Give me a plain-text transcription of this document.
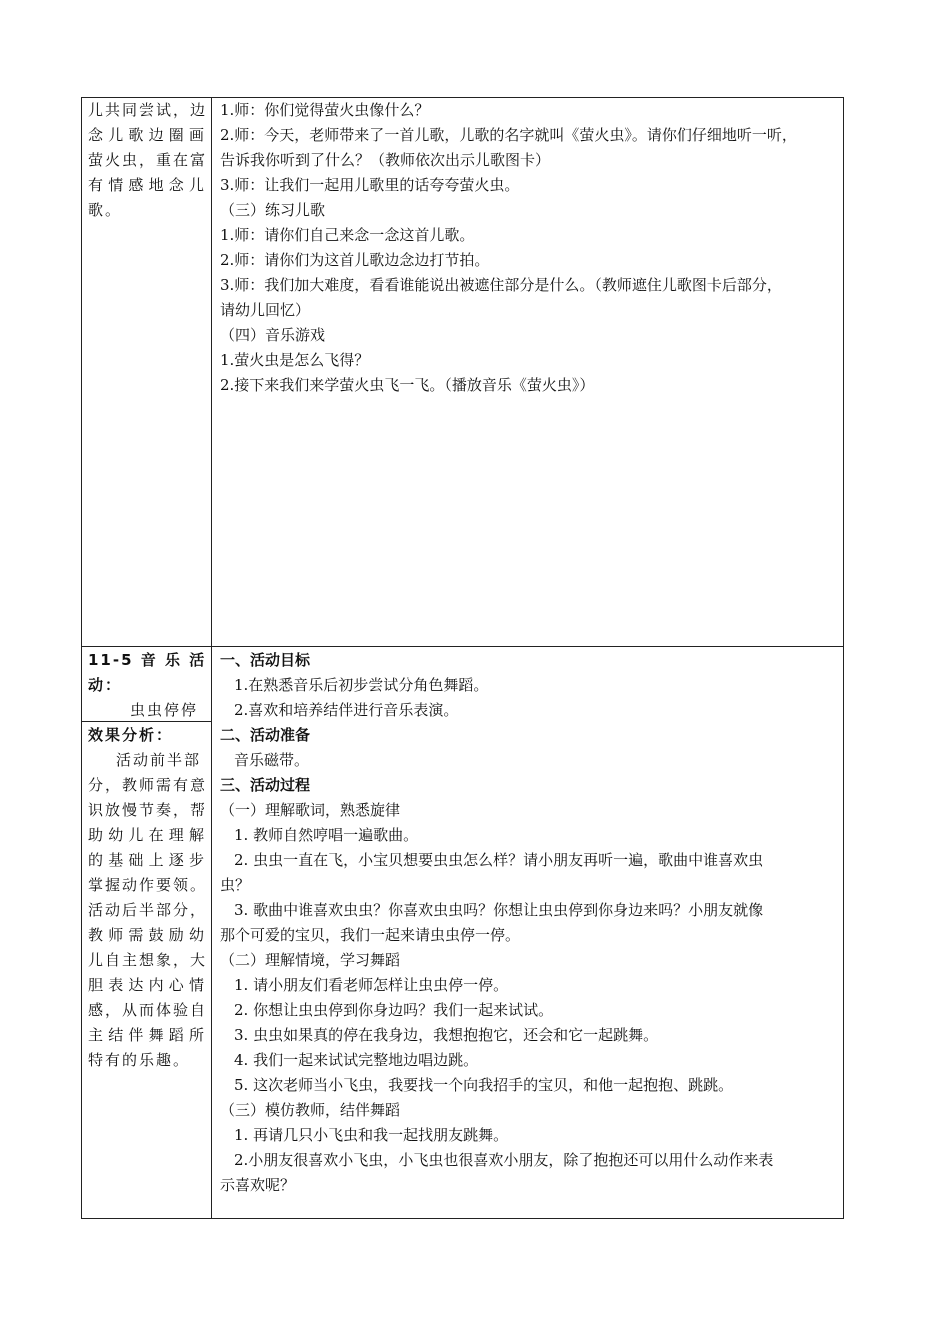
儿共同尝试，边
念儿歌边圈画
萤火虫，重在富
有情感地念儿
歌。
1.师：你们觉得萤火虫像什么？
2.师：今天，老师带来了一首儿歌，儿歌的名字就叫《萤火虫》。请你们仔细地听一听，
告诉我你听到了什么？（教师依次出示儿歌图卡）
3.师：让我们一起用儿歌里的话夸夸萤火虫。
（三）练习儿歌
1.师：请你们自己来念一念这首儿歌。
2.师：请你们为这首儿歌边念边打节拍。
3.师：我们加大难度，看看谁能说出被遮住部分是什么。（教师遮住儿歌图卡后部分，
请幼儿回忆）
（四）音乐游戏
1.萤火虫是怎么飞得？
2.接下来我们来学萤火虫飞一飞。（播放音乐《萤火虫》）
11-5 音 乐 活
动：
虫虫停停
效果分析：
活动前半部
分，教师需有意
识放慢节奏，帮
助幼儿在理解
的基础上逐步
掌握动作要领。
活动后半部分，
教师需鼓励幼
儿自主想象，大
胆表达内心情
感，从而体验自
主结伴舞蹈所
特有的乐趣。
一、活动目标
1.在熟悉音乐后初步尝试分角色舞蹈。
2.喜欢和培养结伴进行音乐表演。
二、活动准备
音乐磁带。
三、活动过程
（一）理解歌词，熟悉旋律
1. 教师自然哼唱一遍歌曲。
2. 虫虫一直在飞，小宝贝想要虫虫怎么样？请小朋友再听一遍，歌曲中谁喜欢虫
虫？
3. 歌曲中谁喜欢虫虫？你喜欢虫虫吗？你想让虫虫停到你身边来吗？小朋友就像
那个可爱的宝贝，我们一起来请虫虫停一停。
（二）理解情境，学习舞蹈
1. 请小朋友们看老师怎样让虫虫停一停。
2. 你想让虫虫停到你身边吗？我们一起来试试。
3. 虫虫如果真的停在我身边，我想抱抱它，还会和它一起跳舞。
4. 我们一起来试试完整地边唱边跳。
5. 这次老师当小飞虫，我要找一个向我招手的宝贝，和他一起抱抱、跳跳。
（三）模仿教师，结伴舞蹈
1. 再请几只小飞虫和我一起找朋友跳舞。
2.小朋友很喜欢小飞虫，小飞虫也很喜欢小朋友，除了抱抱还可以用什么动作来表
示喜欢呢？
